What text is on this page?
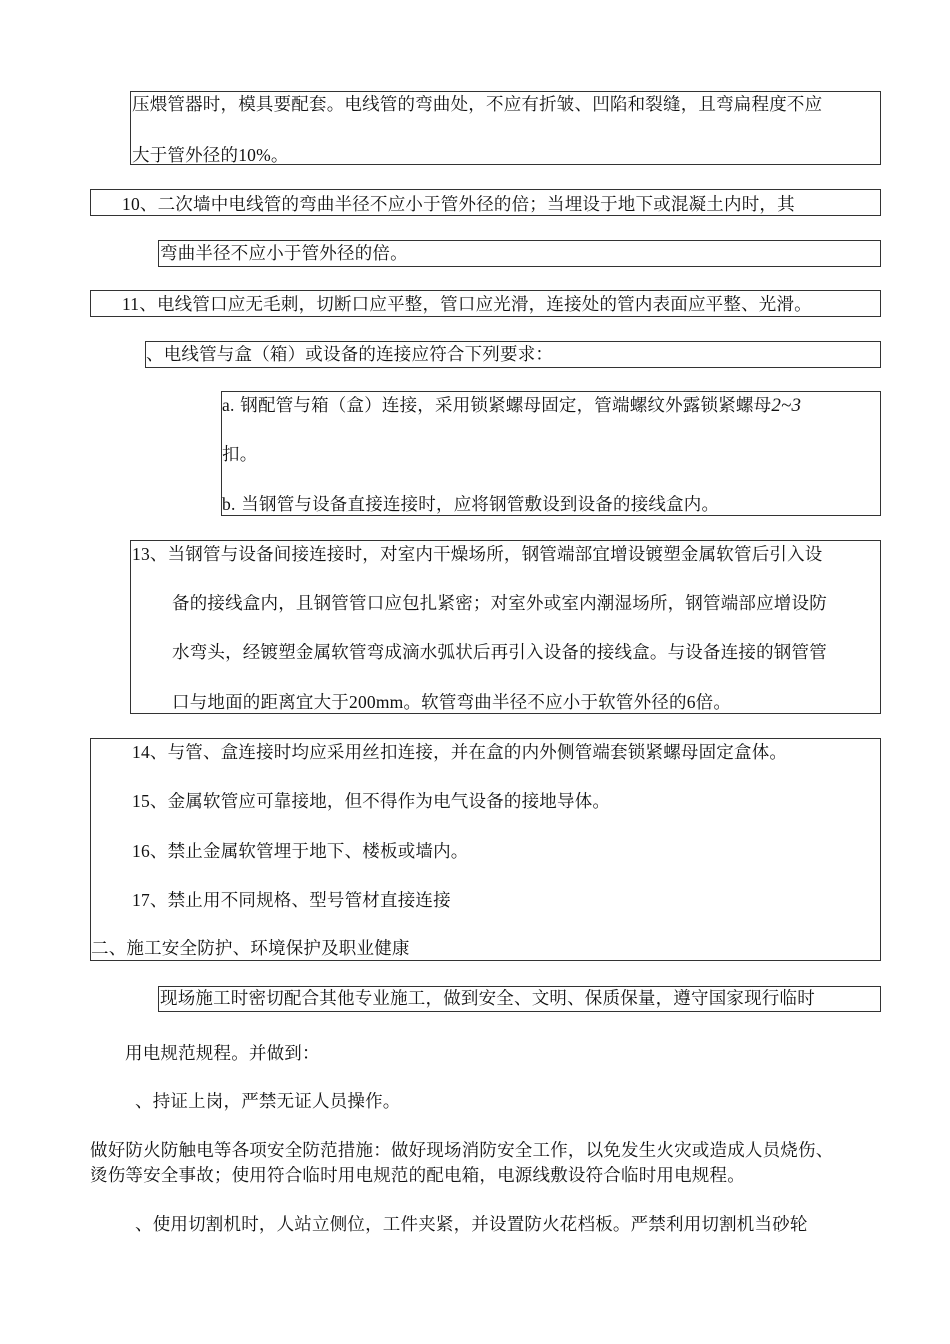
压煨管器时，模具要配套。电线管的弯曲处，不应有折皱、凹陷和裂缝，且弯扁程度不应
大于管外径的10%。
10、二次墙中电线管的弯曲半径不应小于管外径的倍；当埋设于地下或混凝土内时，其
弯曲半径不应小于管外径的倍。
11、电线管口应无毛刺，切断口应平整，管口应光滑，连接处的管内表面应平整、光滑。
、电线管与盒（箱）或设备的连接应符合下列要求：
a. 钢配管与箱（盒）连接，采用锁紧螺母固定，管端螺纹外露锁紧螺母2~3
扣。
b. 当钢管与设备直接连接时，应将钢管敷设到设备的接线盒内。
13、当钢管与设备间接连接时，对室内干燥场所，钢管端部宜增设镀塑金属软管后引入设
备的接线盒内，且钢管管口应包扎紧密；对室外或室内潮湿场所，钢管端部应增设防
水弯头，经镀塑金属软管弯成滴水弧状后再引入设备的接线盒。与设备连接的钢管管
口与地面的距离宜大于200mm。软管弯曲半径不应小于软管外径的6倍。
14、与管、盒连接时均应采用丝扣连接，并在盒的内外侧管端套锁紧螺母固定盒体。
15、金属软管应可靠接地，但不得作为电气设备的接地导体。
16、禁止金属软管埋于地下、楼板或墙内。
17、禁止用不同规格、型号管材直接连接
二、施工安全防护、环境保护及职业健康
现场施工时密切配合其他专业施工，做到安全、文明、保质保量，遵守国家现行临时
用电规范规程。并做到：
、持证上岗，严禁无证人员操作。
做好防火防触电等各项安全防范措施：做好现场消防安全工作，以免发生火灾或造成人员烧伤、
烫伤等安全事故；使用符合临时用电规范的配电箱，电源线敷设符合临时用电规程。
、使用切割机时，人站立侧位，工件夹紧，并设置防火花档板。严禁利用切割机当砂轮
